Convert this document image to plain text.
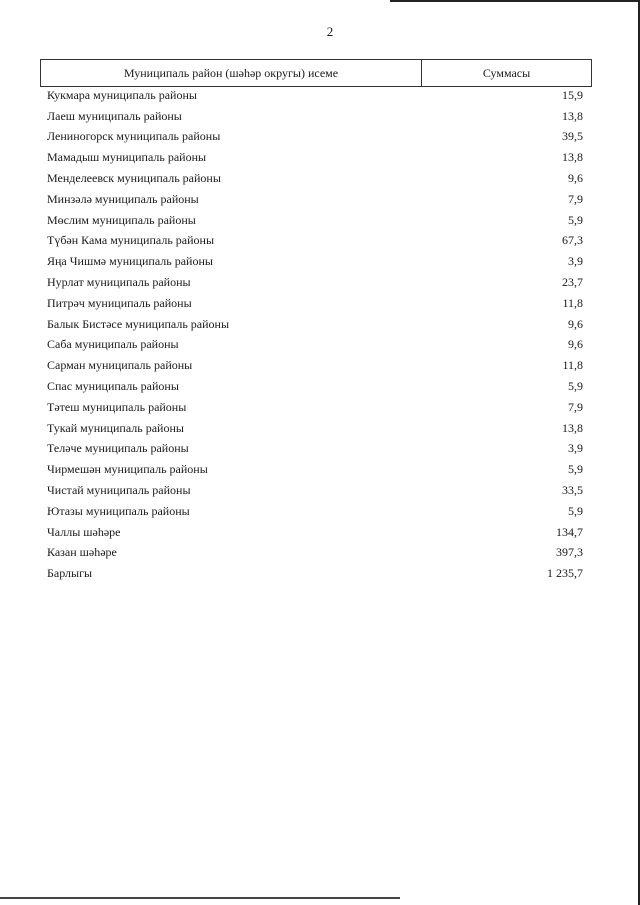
2
Муниципаль район (шәһәр округы) исеме	Суммасы
Кукмара муниципаль районы	15,9
Лаеш муниципаль районы	13,8
Лениногорск муниципаль районы	39,5
Мамадыш муниципаль районы	13,8
Менделеевск муниципаль районы	9,6
Минзәлә муниципаль районы	7,9
Мөслим муниципаль районы	5,9
Түбән Кама муниципаль районы	67,3
Яңа Чишмә муниципаль районы	3,9
Нурлат муниципаль районы	23,7
Питрәч муниципаль районы	11,8
Балык Бистәсе муниципаль районы	9,6
Саба муниципаль районы	9,6
Сарман муниципаль районы	11,8
Спас муниципаль районы	5,9
Тәтеш муниципаль районы	7,9
Тукай муниципаль районы	13,8
Теләче муниципаль районы	3,9
Чирмешән муниципаль районы	5,9
Чистай муниципаль районы	33,5
Ютазы муниципаль районы	5,9
Чаллы шәһәре	134,7
Казан шәһәре	397,3
Барлыгы	1 235,7
